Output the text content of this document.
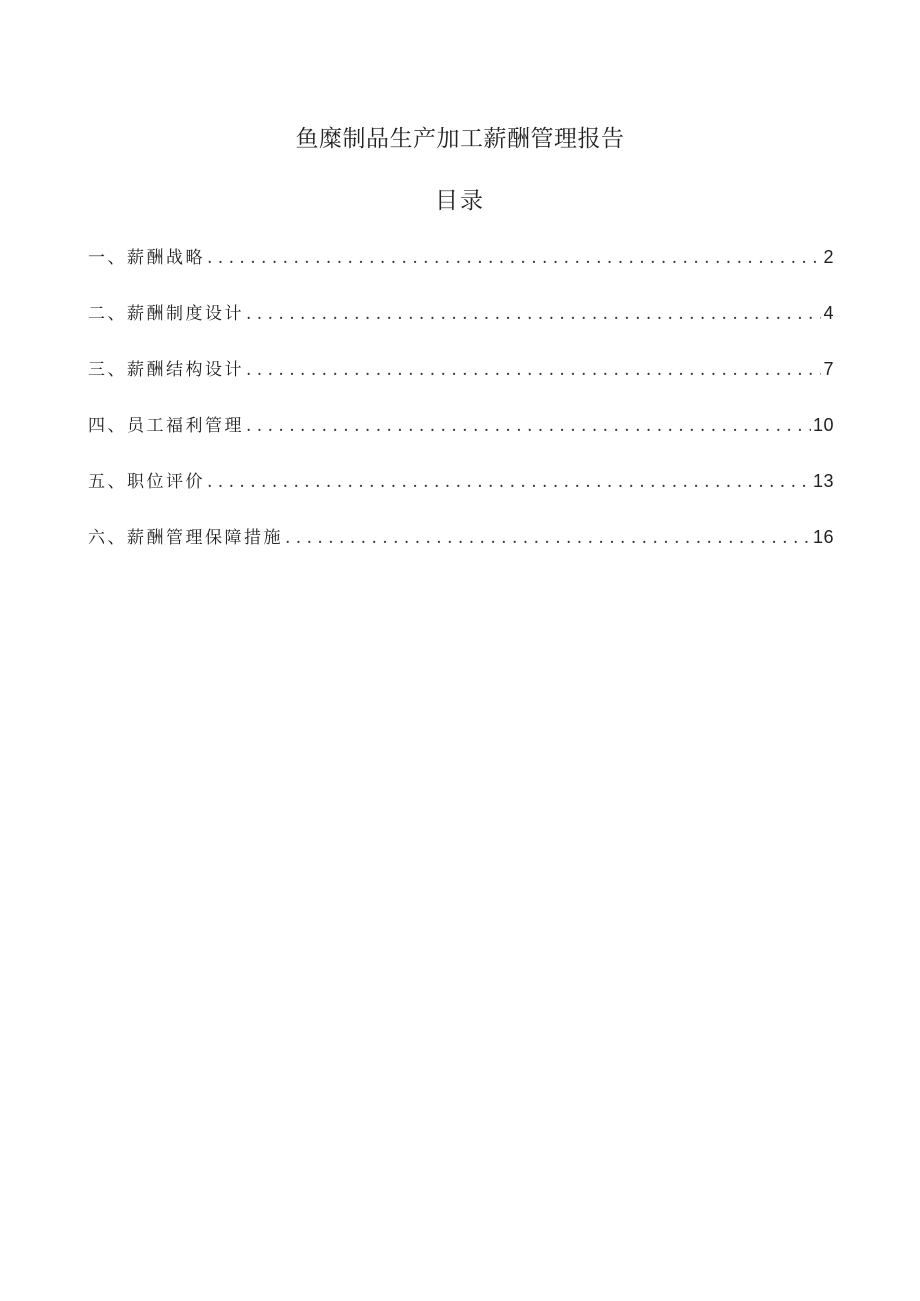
鱼糜制品生产加工薪酬管理报告
目录
一、薪酬战略 . . .	2
二、薪酬制度设计 . . .	4
三、薪酬结构设计 . . .	7
四、员工福利管理 . . .	10
五、职位评价 . . .	13
六、薪酬管理保障措施 . . .	16
